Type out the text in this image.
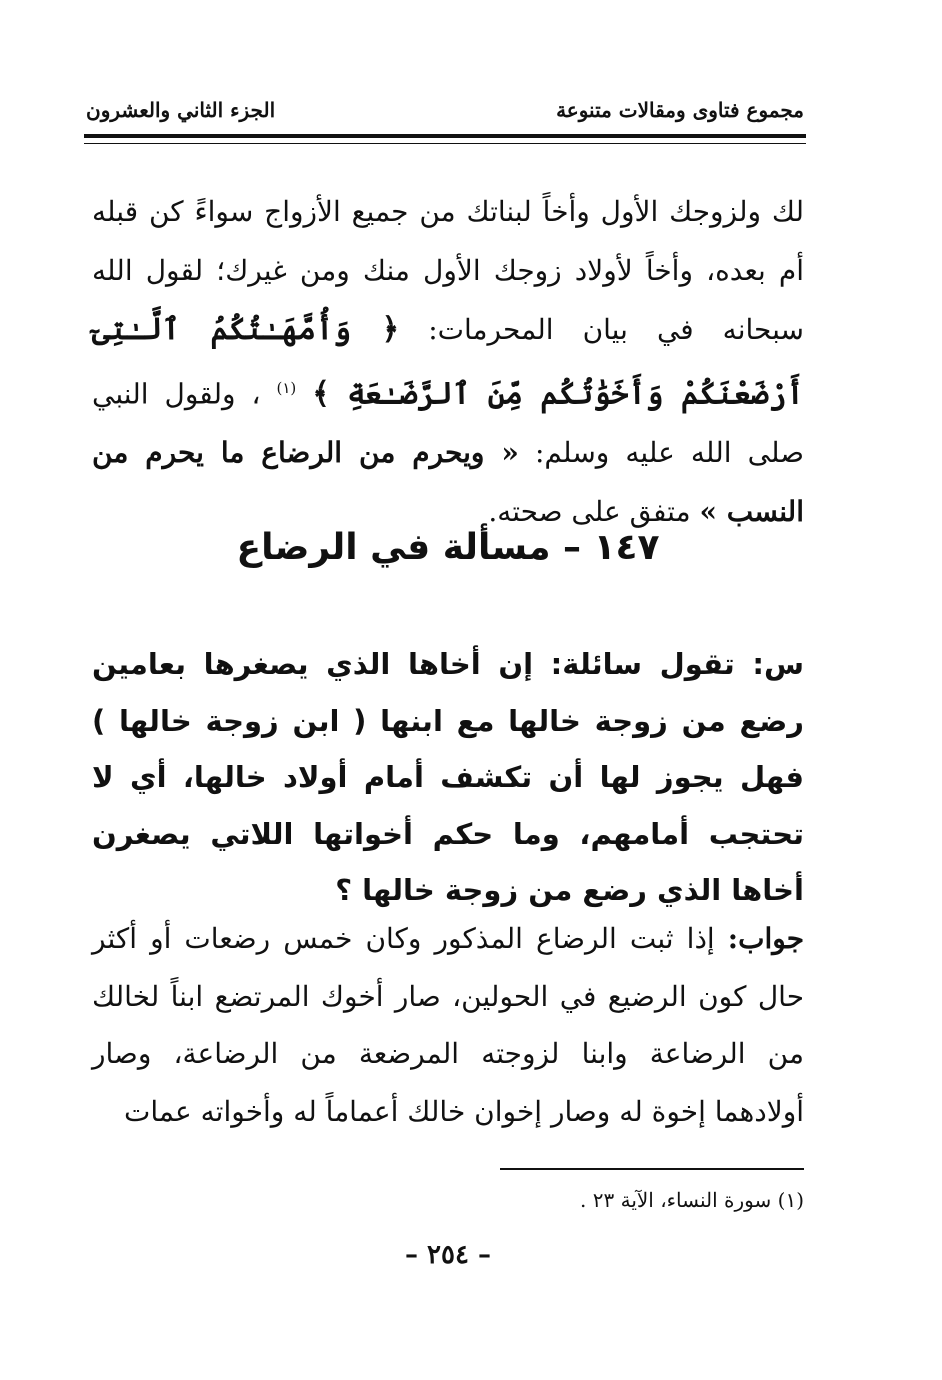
الجزء الثاني والعشرون	مجموع فتاوى ومقالات متنوعة
لك ولزوجك الأول وأخاً لبناتك من جميع الأزواج سواءً كن قبله أم بعده، وأخاً لأولاد زوجك الأول منك ومن غيرك؛ لقول الله سبحانه في بيان المحرمات: ﴿ وَأُمَّهَـٰتُكُمُ ٱلَّـٰتِىٓ أَرْضَعْنَكُمْ وَأَخَوَٰتُكُم مِّنَ ٱلرَّضَـٰعَةِ ﴾ $^{(١)}$ ، ولقول النبي صلى الله عليه وسلم: « ويحرم من الرضاع ما يحرم من النسب » متفق على صحته.
١٤٧ – مسألة في الرضاع
س: تقول سائلة: إن أخاها الذي يصغرها بعامين رضع من زوجة خالها مع ابنها ( ابن زوجة خالها ) فهل يجوز لها أن تكشف أمام أولاد خالها، أي لا تحتجب أمامهم، وما حكم أخواتها اللاتي يصغرن أخاها الذي رضع من زوجة خالها ؟
جواب: إذا ثبت الرضاع المذكور وكان خمس رضعات أو أكثر حال كون الرضيع في الحولين، صار أخوك المرتضع ابناً لخالك من الرضاعة وابنا لزوجته المرضعة من الرضاعة، وصار أولادهما إخوة له وصار إخوان خالك أعماماً له وأخواته عمات
(١) سورة النساء، الآية ٢٣ .
– ٢٥٤ –
